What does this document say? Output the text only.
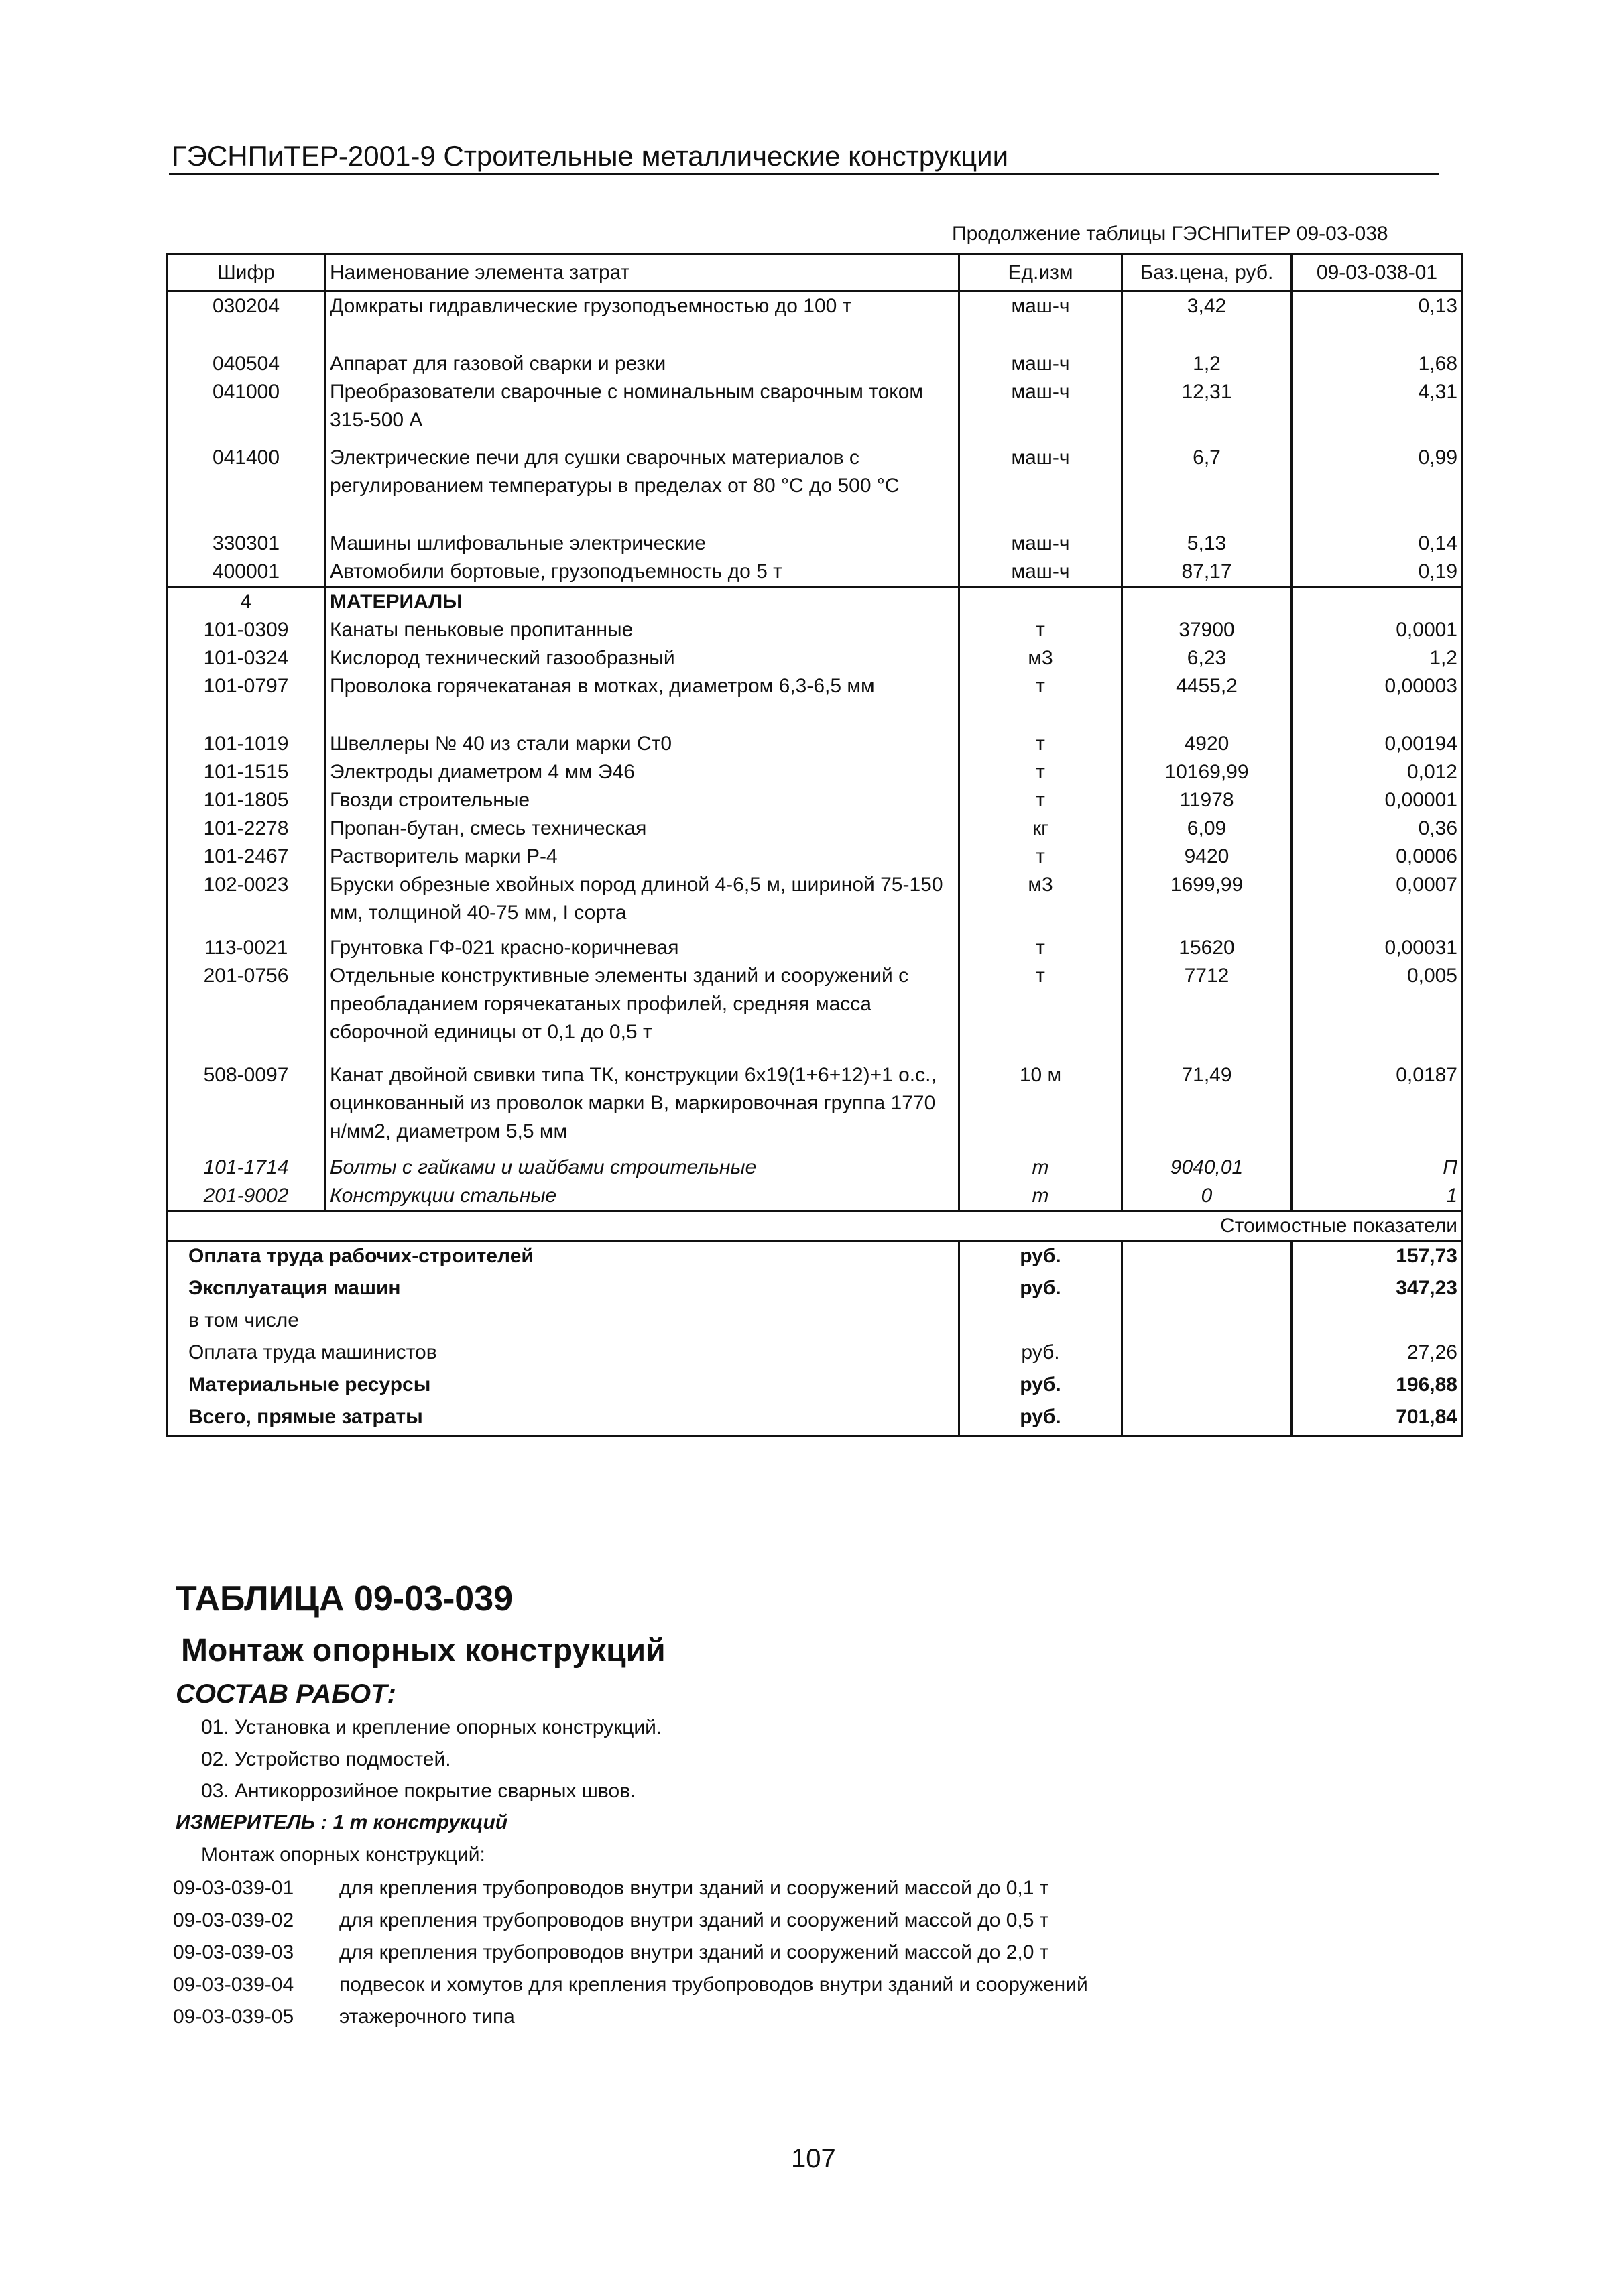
ГЭСНПиТЕР-2001-9 Строительные металлические конструкции
Продолжение таблицы ГЭСНПиТЕР 09-03-038
Шифр	Наименование элемента затрат	Ед.изм	Баз.цена, руб.	09-03-038-01
030204	Домкраты гидравлические грузоподъемностью до 100 т	маш-ч	3,42	0,13

040504	Аппарат для газовой сварки и резки	маш-ч	1,2	1,68
041000	Преобразователи сварочные с номинальным сварочным током 315-500 А	маш-ч	12,31	4,31
041400	Электрические печи для сушки сварочных материалов с регулированием температуры в пределах от 80 °С до 500 °С	маш-ч	6,7	0,99

330301	Машины шлифовальные электрические	маш-ч	5,13	0,14
400001	Автомобили бортовые, грузоподъемность до 5 т	маш-ч	87,17	0,19
4	МАТЕРИАЛЫ			
101-0309	Канаты пеньковые пропитанные	т	37900	0,0001
101-0324	Кислород технический газообразный	м3	6,23	1,2
101-0797	Проволока горячекатаная в мотках, диаметром 6,3-6,5 мм	т	4455,2	0,00003

101-1019	Швеллеры № 40 из стали марки Ст0	т	4920	0,00194
101-1515	Электроды диаметром 4 мм Э46	т	10169,99	0,012
101-1805	Гвозди строительные	т	11978	0,00001
101-2278	Пропан-бутан, смесь техническая	кг	6,09	0,36
101-2467	Растворитель марки Р-4	т	9420	0,0006
102-0023	Бруски обрезные хвойных пород длиной 4-6,5 м, шириной 75-150 мм, толщиной 40-75 мм, I сорта	м3	1699,99	0,0007
113-0021	Грунтовка ГФ-021 красно-коричневая	т	15620	0,00031
201-0756	Отдельные конструктивные элементы зданий и сооружений с преобладанием горячекатаных профилей, средняя масса сборочной единицы от 0,1 до 0,5 т	т	7712	0,005
508-0097	Канат двойной свивки типа ТК, конструкции 6х19(1+6+12)+1 о.с., оцинкованный из проволок марки В, маркировочная группа 1770 н/мм2, диаметром 5,5 мм	10 м	71,49	0,0187
101-1714	Болты с гайками и шайбами строительные	т	9040,01	П
201-9002	Конструкции стальные	т	0	1
Стоимостные показатели				
Оплата труда рабочих-строителей		руб.		157,73
Эксплуатация машин		руб.		347,23
в том числе				
Оплата труда машинистов		руб.		27,26
Материальные ресурсы		руб.		196,88
Всего, прямые затраты		руб.		701,84
ТАБЛИЦА 09-03-039
Монтаж опорных конструкций
СОСТАВ РАБОТ:
01. Установка и крепление опорных конструкций.
02. Устройство подмостей.
03. Антикоррозийное покрытие сварных швов.
ИЗМЕРИТЕЛЬ : 1 т конструкций
Монтаж опорных конструкций:
09-03-039-01 для крепления трубопроводов внутри зданий и сооружений массой до 0,1 т
09-03-039-02 для крепления трубопроводов внутри зданий и сооружений массой до 0,5 т
09-03-039-03 для крепления трубопроводов внутри зданий и сооружений массой до 2,0 т
09-03-039-04 подвесок и хомутов для крепления трубопроводов внутри зданий и сооружений
09-03-039-05 этажерочного типа
107
